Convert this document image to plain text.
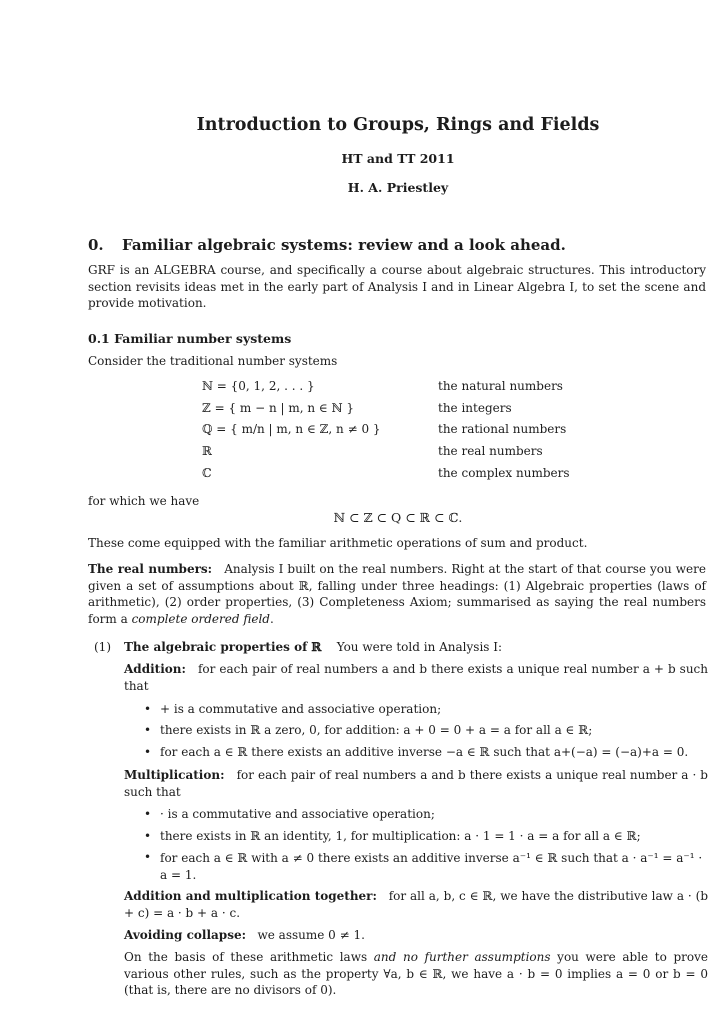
Introduction to Groups, Rings and Fields
HT and TT 2011
H. A. Priestley
0. Familiar algebraic systems: review and a look ahead.
GRF is an ALGEBRA course, and specifically a course about algebraic structures. This introductory section revisits ideas met in the early part of Analysis I and in Linear Algebra I, to set the scene and provide motivation.
0.1 Familiar number systems
Consider the traditional number systems
ℕ = {0, 1, 2, . . . }	the natural numbers
ℤ = { m − n | m, n ∈ ℕ }	the integers
ℚ = { m/n | m, n ∈ ℤ, n ≠ 0 }	the rational numbers
ℝ	the real numbers
ℂ	the complex numbers
for which we have
ℕ ⊂ ℤ ⊂ Q ⊂ ℝ ⊂ ℂ.
These come equipped with the familiar arithmetic operations of sum and product.
The real numbers: Analysis I built on the real numbers. Right at the start of that course you were given a set of assumptions about ℝ, falling under three headings: (1) Algebraic properties (laws of arithmetic), (2) order properties, (3) Completeness Axiom; summarised as saying the real numbers form a complete ordered field.
(1) The algebraic properties of ℝ You were told in Analysis I:
Addition: for each pair of real numbers a and b there exists a unique real number a + b such that
• + is a commutative and associative operation;
• there exists in ℝ a zero, 0, for addition: a + 0 = 0 + a = a for all a ∈ ℝ;
• for each a ∈ ℝ there exists an additive inverse −a ∈ ℝ such that a+(−a) = (−a)+a = 0.
Multiplication: for each pair of real numbers a and b there exists a unique real number a · b such that
• · is a commutative and associative operation;
• there exists in ℝ an identity, 1, for multiplication: a · 1 = 1 · a = a for all a ∈ ℝ;
• for each a ∈ ℝ with a ≠ 0 there exists an additive inverse a⁻¹ ∈ ℝ such that a · a⁻¹ = a⁻¹ · a = 1.
Addition and multiplication together: for all a, b, c ∈ ℝ, we have the distributive law a · (b + c) = a · b + a · c.
Avoiding collapse: we assume 0 ≠ 1.
On the basis of these arithmetic laws and no further assumptions you were able to prove various other rules, such as the property ∀a, b ∈ ℝ, we have a · b = 0 implies a = 0 or b = 0 (that is, there are no divisors of 0).
